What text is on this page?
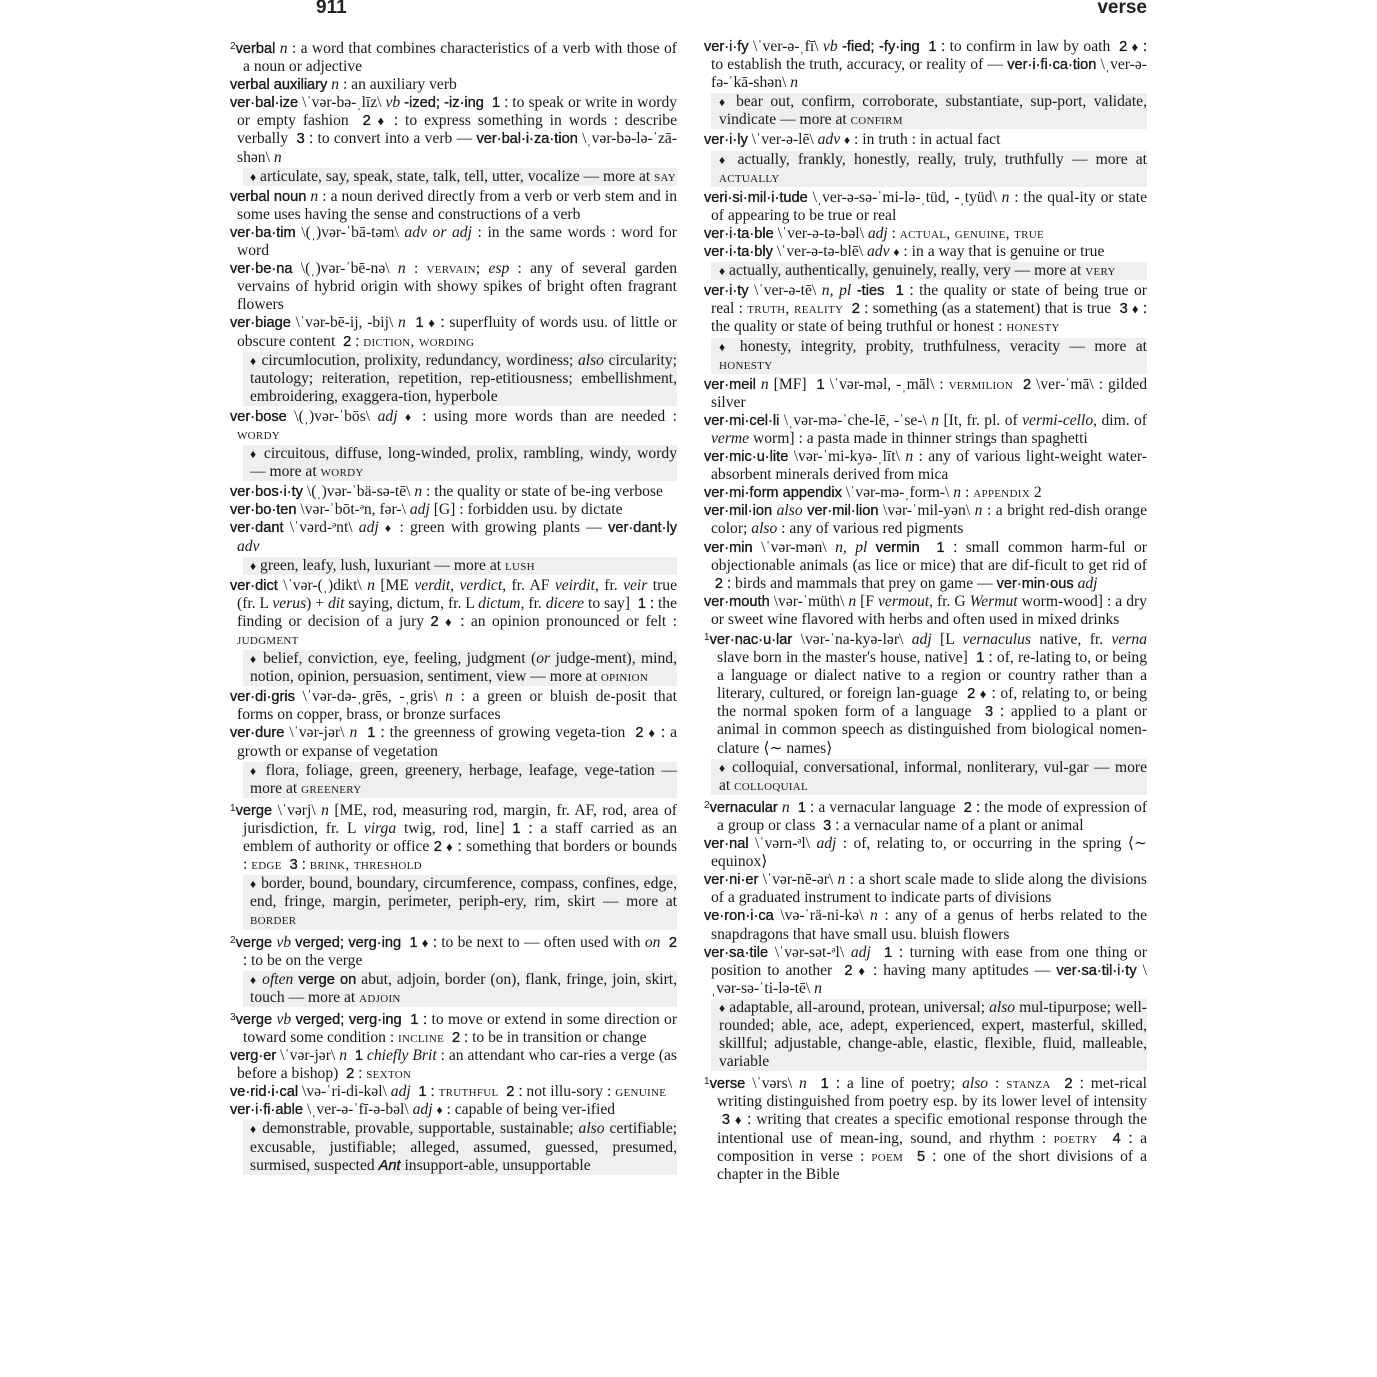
911	verse
$^2$verbal n : a word that combines characteristics of a verb with those of a noun or adjective
verbal auxiliary n : an auxiliary verb
ver·bal·ize \ˈvər-bə-ˌlīz\ vb -ized; -iz·ing 1 : to speak or write in wordy or empty fashion  2 ♦ : to express something in words : describe verbally  3 : to convert into a verb — ver·bal·i·za·tion \ˌvər-bə-lə-ˈzā-shən\ n
♦ articulate, say, speak, state, talk, tell, utter, vocalize — more at say
verbal noun n : a noun derived directly from a verb or verb stem and in some uses having the sense and constructions of a verb
ver·ba·tim \(ˌ)vər-ˈbā-təm\ adv or adj : in the same words : word for word
ver·be·na \(ˌ)vər-ˈbē-nə\ n : vervain; esp : any of several garden vervains of hybrid origin with showy spikes of bright often fragrant flowers
ver·biage \ˈvər-bē-ij, -bij\ n 1 ♦ : superfluity of words usu. of little or obscure content  2 : diction, wording
♦ circumlocution, prolixity, redundancy, wordiness; also circularity; tautology; reiteration, repetition, rep-etitiousness; embellishment, embroidering, exaggera-tion, hyperbole
ver·bose \(ˌ)vər-ˈbōs\ adj ♦ : using more words than are needed : wordy
♦ circuitous, diffuse, long-winded, prolix, rambling, windy, wordy — more at wordy
ver·bos·i·ty \(ˌ)vər-ˈbä-sə-tē\ n : the quality or state of be-ing verbose
ver·bo·ten \vər-ˈbōt-ᵊn, fər-\ adj [G] : forbidden usu. by dictate
ver·dant \ˈvərd-ᵊnt\ adj ♦ : green with growing plants — ver·dant·ly adv
♦ green, leafy, lush, luxuriant — more at lush
ver·dict \ˈvər-(ˌ)dikt\ n [ME verdit, verdict, fr. AF veirdit, fr. veir true (fr. L verus) + dit saying, dictum, fr. L dictum, fr. dicere to say]  1 : the finding or decision of a jury 2 ♦ : an opinion pronounced or felt : judgment
♦ belief, conviction, eye, feeling, judgment (or judge-ment), mind, notion, opinion, persuasion, sentiment, view — more at opinion
ver·di·gris \ˈvər-də-ˌgrēs, -ˌgris\ n : a green or bluish de-posit that forms on copper, brass, or bronze surfaces
ver·dure \ˈvər-jər\ n 1 : the greenness of growing vegeta-tion  2 ♦ : a growth or expanse of vegetation
♦ flora, foliage, green, greenery, herbage, leafage, vege-tation — more at greenery
$^1$verge \ˈvərj\ n [ME, rod, measuring rod, margin, fr. AF, rod, area of jurisdiction, fr. L virga twig, rod, line] 1 : a staff carried as an emblem of authority or office 2 ♦ : something that borders or bounds : edge 3 : brink, threshold
♦ border, bound, boundary, circumference, compass, confines, edge, end, fringe, margin, perimeter, periph-ery, rim, skirt — more at border
$^2$verge vb verged; verg·ing 1 ♦ : to be next to — often used with on 2 : to be on the verge
♦ often verge on abut, adjoin, border (on), flank, fringe, join, skirt, touch — more at adjoin
$^3$verge vb verged; verg·ing 1 : to move or extend in some direction or toward some condition : incline 2 : to be in transition or change
verg·er \ˈvər-jər\ n 1 chiefly Brit : an attendant who car-ries a verge (as before a bishop)  2 : sexton
ve·rid·i·cal \və-ˈri-di-kəl\ adj 1 : truthful 2 : not illu-sory : genuine
ver·i·fi·able \ˌver-ə-ˈfī-ə-bəl\ adj ♦ : capable of being ver-ified
♦ demonstrable, provable, supportable, sustainable; also certifiable; excusable, justifiable; alleged, assumed, guessed, presumed, surmised, suspected Ant insupport-able, unsupportable
ver·i·fy \ˈver-ə-ˌfī\ vb -fied; -fy·ing 1 : to confirm in law by oath  2 ♦ : to establish the truth, accuracy, or reality of — ver·i·fi·ca·tion \ˌver-ə-fə-ˈkā-shən\ n
♦ bear out, confirm, corroborate, substantiate, sup-port, validate, vindicate — more at confirm
ver·i·ly \ˈver-ə-lē\ adv ♦ : in truth : in actual fact
♦ actually, frankly, honestly, really, truly, truthfully — more at actually
veri·si·mil·i·tude \ˌver-ə-sə-ˈmi-lə-ˌtüd, -ˌtyüd\ n : the qual-ity or state of appearing to be true or real
ver·i·ta·ble \ˈver-ə-tə-bəl\ adj : actual, genuine, true
ver·i·ta·bly \ˈver-ə-tə-blē\ adv ♦ : in a way that is genuine or true
♦ actually, authentically, genuinely, really, very — more at very
ver·i·ty \ˈver-ə-tē\ n, pl -ties 1 : the quality or state of being true or real : truth, reality 2 : something (as a statement) that is true  3 ♦ : the quality or state of being truthful or honest : honesty
♦ honesty, integrity, probity, truthfulness, veracity — more at honesty
ver·meil n [MF]  1 \ˈvər-məl, -ˌmāl\ : vermilion 2 \ver-ˈmā\ : gilded silver
ver·mi·cel·li \ˌvər-mə-ˈche-lē, -ˈse-\ n [It, fr. pl. of vermi-cello, dim. of verme worm] : a pasta made in thinner strings than spaghetti
ver·mic·u·lite \vər-ˈmi-kyə-ˌlīt\ n : any of various light-weight water-absorbent minerals derived from mica
ver·mi·form appendix \ˈvər-mə-ˌform-\ n : appendix 2
ver·mil·ion also ver·mil·lion \vər-ˈmil-yən\ n : a bright red-dish orange color; also : any of various red pigments
ver·min \ˈvər-mən\ n, pl vermin 1 : small common harm-ful or objectionable animals (as lice or mice) that are dif-ficult to get rid of  2 : birds and mammals that prey on game — ver·min·ous adj
ver·mouth \vər-ˈmüth\ n [F vermout, fr. G Wermut worm-wood] : a dry or sweet wine flavored with herbs and often used in mixed drinks
$^1$ver·nac·u·lar \vər-ˈna-kyə-lər\ adj [L vernaculus native, fr. verna slave born in the master's house, native]  1 : of, re-lating to, or being a language or dialect native to a region or country rather than a literary, cultured, or foreign lan-guage  2 ♦ : of, relating to, or being the normal spoken form of a language  3 : applied to a plant or animal in common speech as distinguished from biological nomen-clature ⟨∼ names⟩
♦ colloquial, conversational, informal, nonliterary, vul-gar — more at colloquial
$^2$vernacular n 1 : a vernacular language  2 : the mode of expression of a group or class  3 : a vernacular name of a plant or animal
ver·nal \ˈvərn-ᵊl\ adj : of, relating to, or occurring in the spring ⟨∼ equinox⟩
ver·ni·er \ˈvər-nē-ər\ n : a short scale made to slide along the divisions of a graduated instrument to indicate parts of divisions
ve·ron·i·ca \və-ˈrä-ni-kə\ n : any of a genus of herbs related to the snapdragons that have small usu. bluish flowers
ver·sa·tile \ˈvər-sət-ᵊl\ adj 1 : turning with ease from one thing or position to another  2 ♦ : having many aptitudes — ver·sa·til·i·ty \ˌvər-sə-ˈti-lə-tē\ n
♦ adaptable, all-around, protean, universal; also mul-tipurpose; well-rounded; able, ace, adept, experienced, expert, masterful, skilled, skillful; adjustable, change-able, elastic, flexible, fluid, malleable, variable
$^1$verse \ˈvərs\ n 1 : a line of poetry; also : stanza 2 : met-rical writing distinguished from poetry esp. by its lower level of intensity  3 ♦ : writing that creates a specific emotional response through the intentional use of mean-ing, sound, and rhythm : poetry 4 : a composition in verse : poem 5 : one of the short divisions of a chapter in the Bible
